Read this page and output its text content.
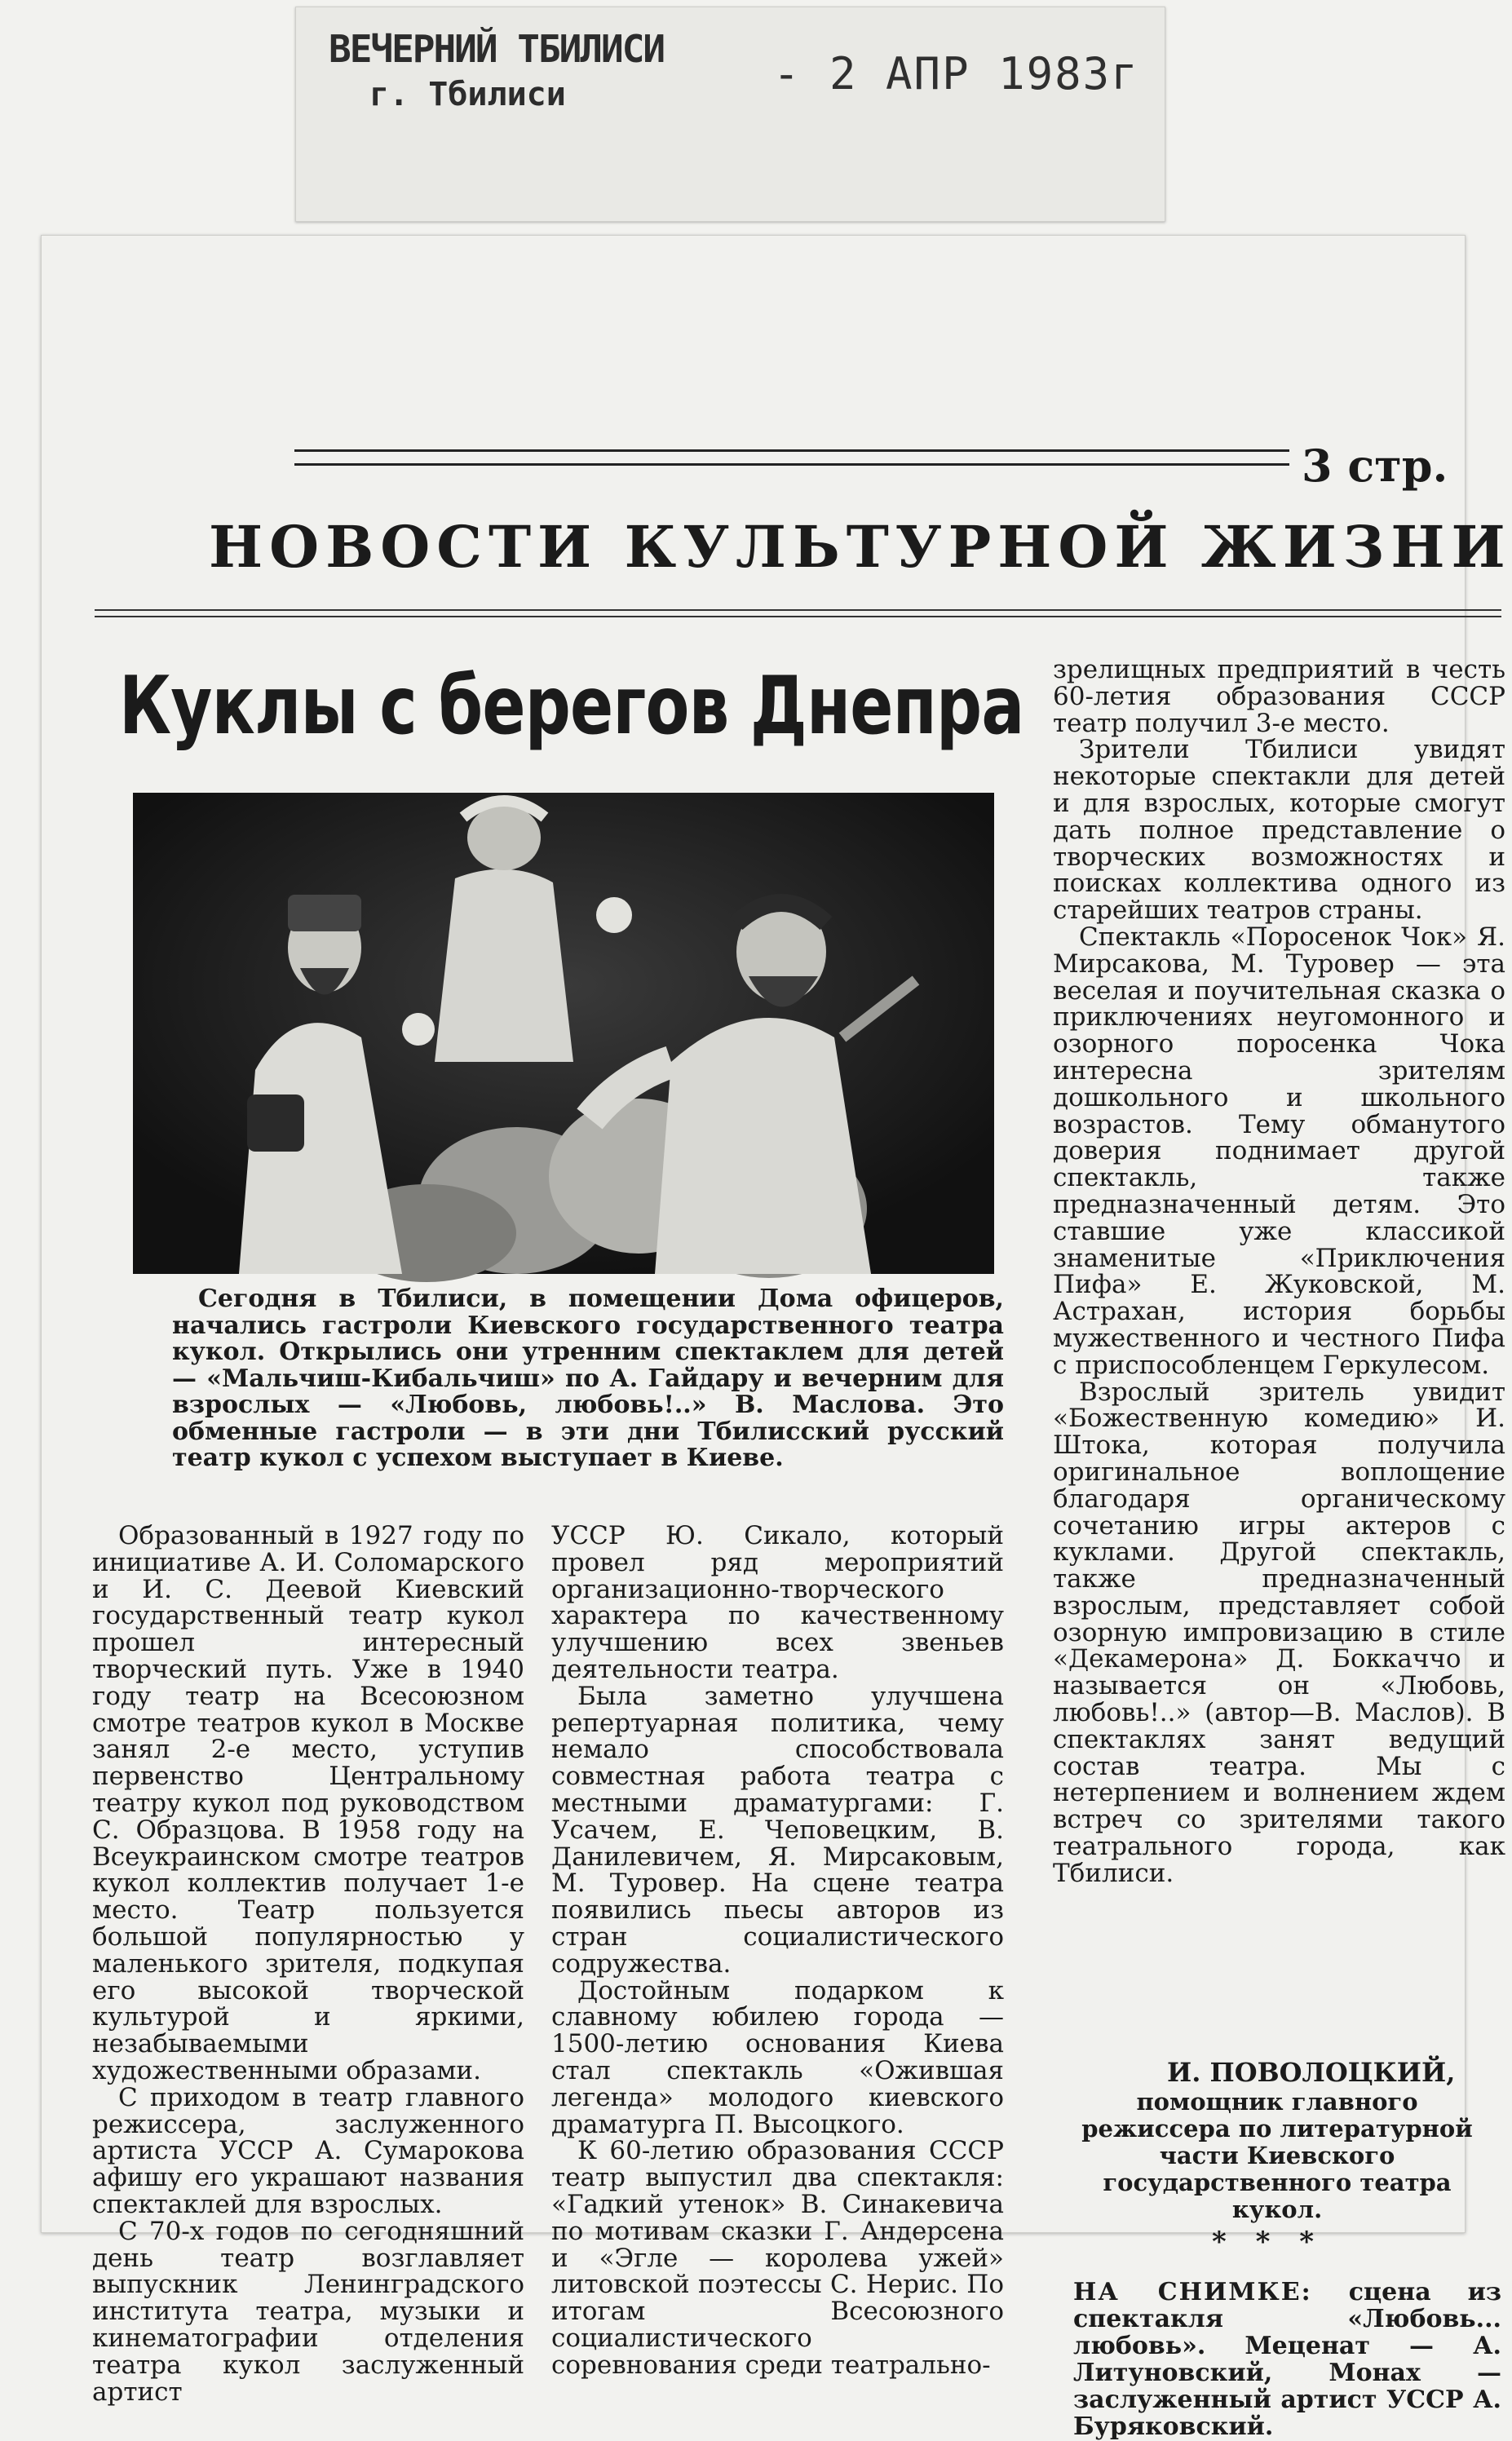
ВЕЧЕРНИЙ ТБИЛИСИ
г. Тбилиси	- 2 АПР 1983г
3 стр.
НОВОСТИ КУЛЬТУРНОЙ ЖИЗНИ
Куклы с берегов Днепра

Сегодня в Тбилиси, в помещении Дома офицеров, начались гастроли Киевского государственного театра кукол. Открылись они утренним спектаклем для детей — «Мальчиш-Кибальчиш» по А. Гайдару и вечерним для взрослых — «Любовь, любовь!..» В. Маслова. Это обменные гастроли — в эти дни Тбилисский русский театр кукол с успехом выступает в Киеве.

Образованный в 1927 году по инициативе А. И. Соломарского и И. С. Деевой Киевский государственный театр кукол прошел интересный творческий путь. Уже в 1940 году театр на Всесоюзном смотре театров кукол в Москве занял 2-е место, уступив первенство Центральному театру кукол под руководством С. Образцова. В 1958 году на Всеукраинском смотре театров кукол коллектив получает 1-е место. Театр пользуется большой популярностью у маленького зрителя, подкупая его высокой творческой культурой и яркими, незабываемыми художественными образами.

С приходом в театр главного режиссера, заслуженного артиста УССР А. Сумарокова афишу его украшают названия спектаклей для взрослых.

С 70-х годов по сегодняшний день театр возглавляет выпускник Ленинградского института театра, музыки и кинематографии отделения театра кукол заслуженный артист

УССР Ю. Сикало, который провел ряд мероприятий организационно-творческого характера по качественному улучшению всех звеньев деятельности театра.

Была заметно улучшена репертуарная политика, чему немало способствовала совместная работа театра с местными драматургами: Г. Усачем, Е. Чеповецким, В. Данилевичем, Я. Мирсаковым, М. Туровер. На сцене театра появились пьесы авторов из стран социалистического содружества.

Достойным подарком к славному юбилею города — 1500-летию основания Киева стал спектакль «Ожившая легенда» молодого киевского драматурга П. Высоцкого.

К 60-летию образования СССР театр выпустил два спектакля: «Гадкий утенок» В. Синакевича по мотивам сказки Г. Андерсена и «Эгле — королева ужей» литовской поэтессы С. Нерис. По итогам Всесоюзного социалистического соревнования среди театрально-

зрелищных предприятий в честь 60-летия образования СССР театр получил 3-е место.

Зрители Тбилиси увидят некоторые спектакли для детей и для взрослых, которые смогут дать полное представление о творческих возможностях и поисках коллектива одного из старейших театров страны.

Спектакль «Поросенок Чок» Я. Мирсакова, М. Туровер — эта веселая и поучительная сказка о приключениях неугомонного и озорного поросенка Чока интересна зрителям дошкольного и школьного возрастов. Тему обманутого доверия поднимает другой спектакль, также предназначенный детям. Это ставшие уже классикой знаменитые «Приключения Пифа» Е. Жуковской, М. Астрахан, история борьбы мужественного и честного Пифа с приспособленцем Геркулесом.

Взрослый зритель увидит «Божественную комедию» И. Штока, которая получила оригинальное воплощение благодаря органическому сочетанию игры актеров с куклами. Другой спектакль, также предназначенный взрослым, представляет собой озорную импровизацию в стиле «Декамерона» Д. Боккаччо и называется он «Любовь, любовь!..» (автор—В. Маслов). В спектаклях занят ведущий состав театра. Мы с нетерпением и волнением ждем встреч со зрителями такого театрального города, как Тбилиси.

И. ПОВОЛОЦКИЙ,

помощник главного режиссера по литературной части Киевского государственного театра кукол.

* * *

НА СНИМКЕ: сцена из спектакля «Любовь... любовь». Меценат — А. Литуновский, Монах — заслуженный артист УССР А. Буряковский.
